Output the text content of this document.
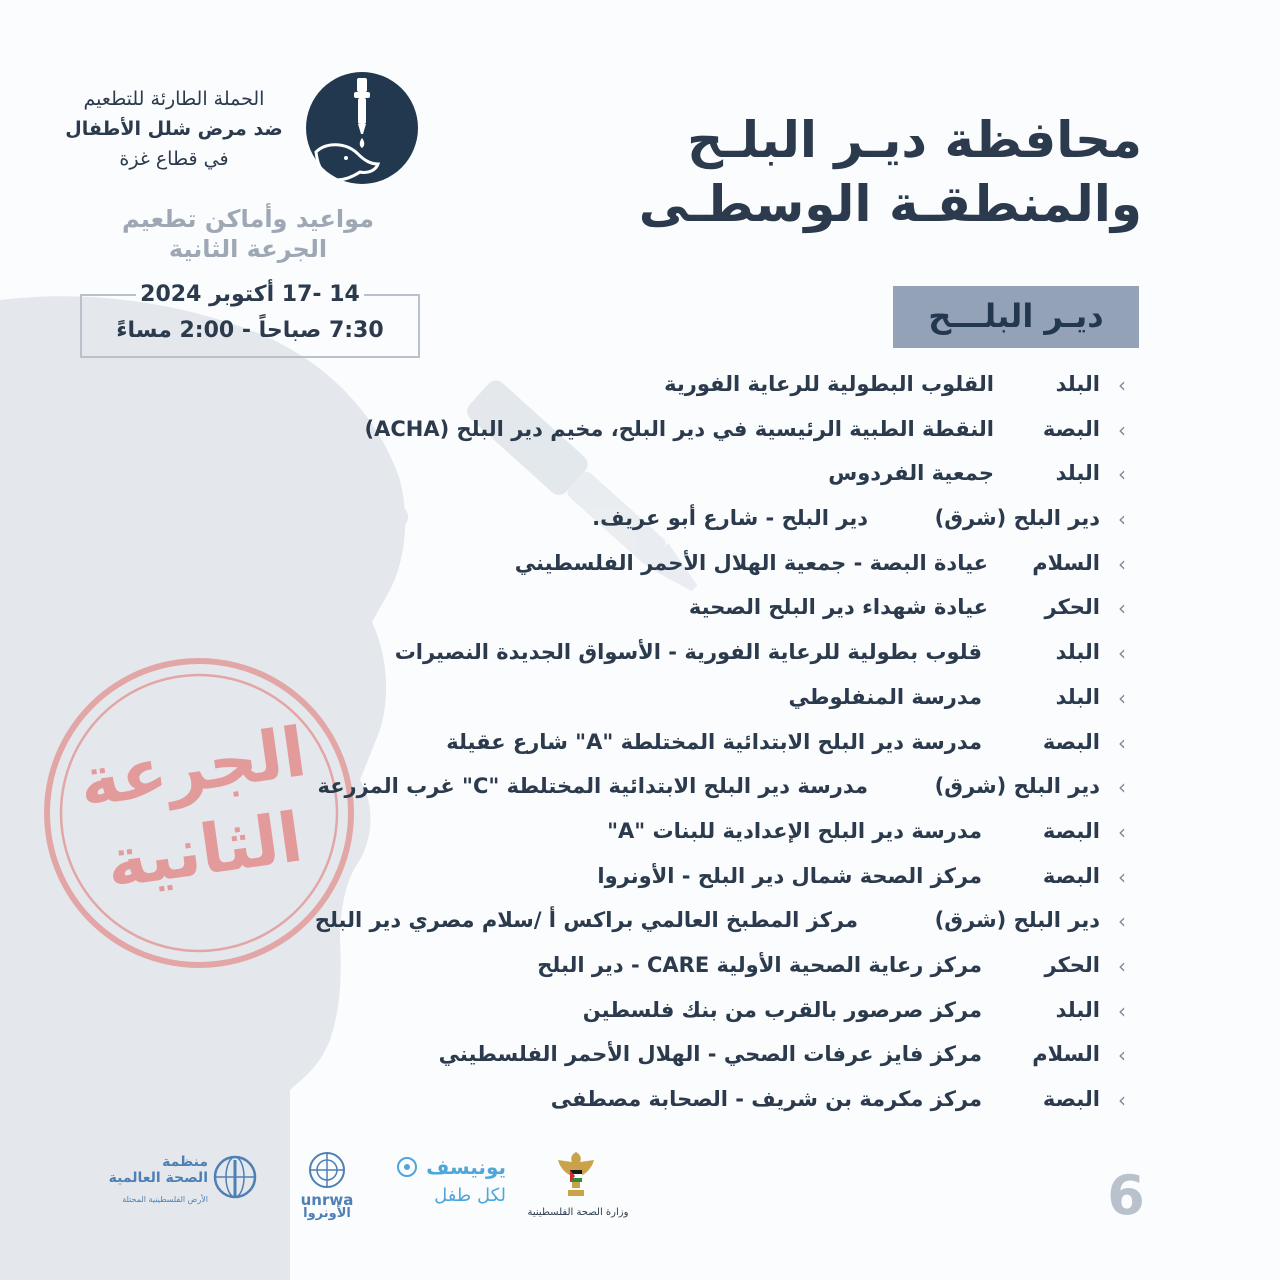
الحملة الطارئة للتطعيم
ضد مرض شلل الأطفال
في قطاع غزة
مواعيد وأماكن تطعيم
الجرعة الثانية
14 -17 أكتوبر 2024
7:30 صباحاً - 2:00 مساءً
محافظة ديـر البلـح
والمنطقـة الوسطـى
ديـر البلـــح
الجرعة
الثانية
‹
البلد
القلوب البطولية للرعاية الفورية
‹
البصة
النقطة الطبية الرئيسية في دير البلح، مخيم دير البلح (ACHA)
‹
البلد
جمعية الفردوس
‹
دير البلح (شرق)
دير البلح - شارع أبو عريف.
‹
السلام
عيادة البصة - جمعية الهلال الأحمر الفلسطيني
‹
الحكر
عيادة شهداء دير البلح الصحية
‹
البلد
قلوب بطولية للرعاية الفورية - الأسواق الجديدة النصيرات
‹
البلد
مدرسة المنفلوطي
‹
البصة
مدرسة دير البلح الابتدائية المختلطة "A" شارع عقيلة
‹
دير البلح (شرق)
مدرسة دير البلح الابتدائية المختلطة "C" غرب المزرعة
‹
البصة
مدرسة دير البلح الإعدادية للبنات "A"
‹
البصة
مركز الصحة شمال دير البلح - الأونروا
‹
دير البلح (شرق)
مركز المطبخ العالمي براكس أ /سلام مصري دير البلح
‹
الحكر
مركز رعاية الصحية الأولية CARE - دير البلح
‹
البلد
مركز صرصور بالقرب من بنك فلسطين
‹
السلام
مركز فايز عرفات الصحي - الهلال الأحمر الفلسطيني
‹
البصة
مركز مكرمة بن شريف - الصحابة مصطفى
منظمة
الصحة العالمية
الأرض الفلسطينية المحتلة	unrwa
الأونروا
يونيسف
لكل طفل
وزارة الصحة الفلسطينية	6
